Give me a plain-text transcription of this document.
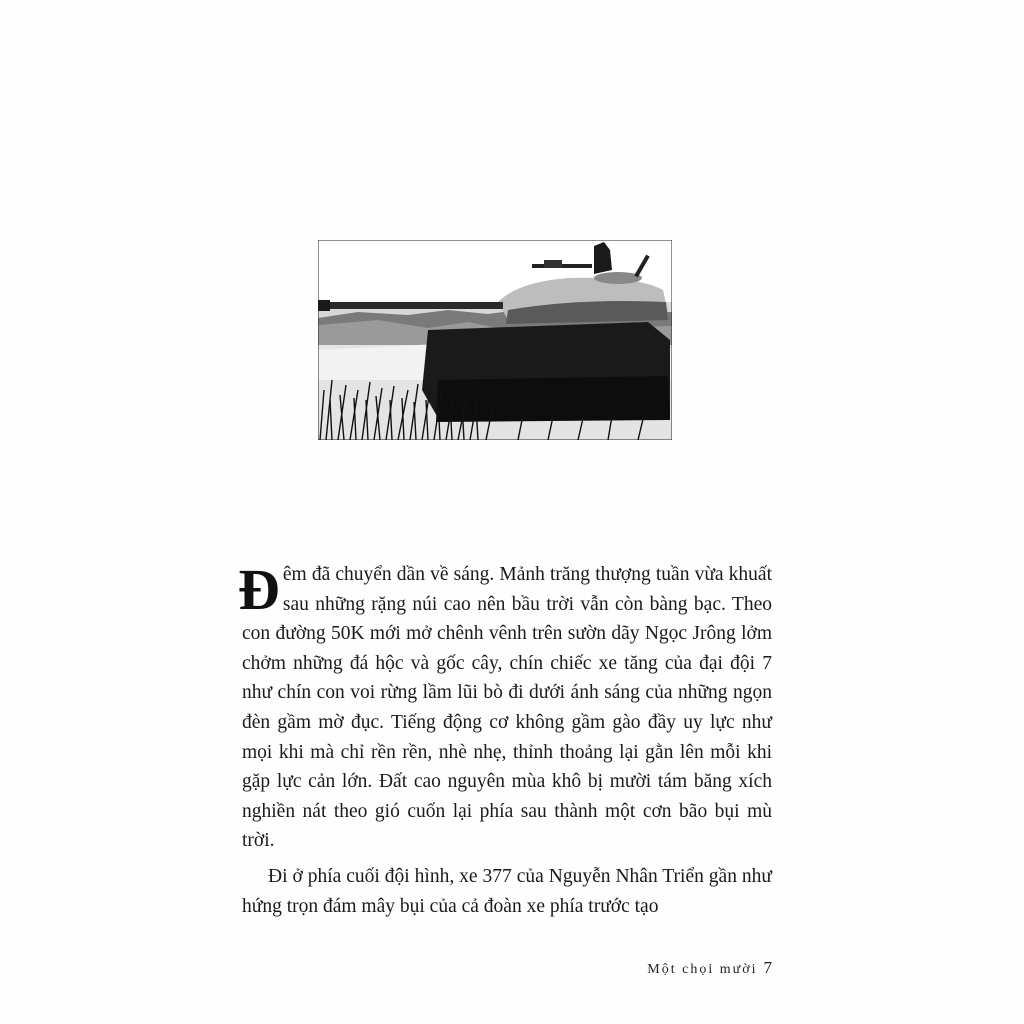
Đêm đã chuyển dần về sáng. Mảnh trăng thượng tuần vừa khuất sau những rặng núi cao nên bầu trời vẫn còn bàng bạc. Theo con đường 50K mới mở chênh vênh trên sườn dãy Ngọc Jrông lởm chởm những đá hộc và gốc cây, chín chiếc xe tăng của đại đội 7 như chín con voi rừng lầm lũi bò đi dưới ánh sáng của những ngọn đèn gầm mờ đục. Tiếng động cơ không gầm gào đầy uy lực như mọi khi mà chỉ rền rền, nhè nhẹ, thỉnh thoảng lại gằn lên mỗi khi gặp lực cản lớn. Đất cao nguyên mùa khô bị mười tám băng xích nghiền nát theo gió cuốn lại phía sau thành một cơn bão bụi mù trời.

Đi ở phía cuối đội hình, xe 377 của Nguyễn Nhân Triển gần như hứng trọn đám mây bụi của cả đoàn xe phía trước tạo

Một chọi mười 7
